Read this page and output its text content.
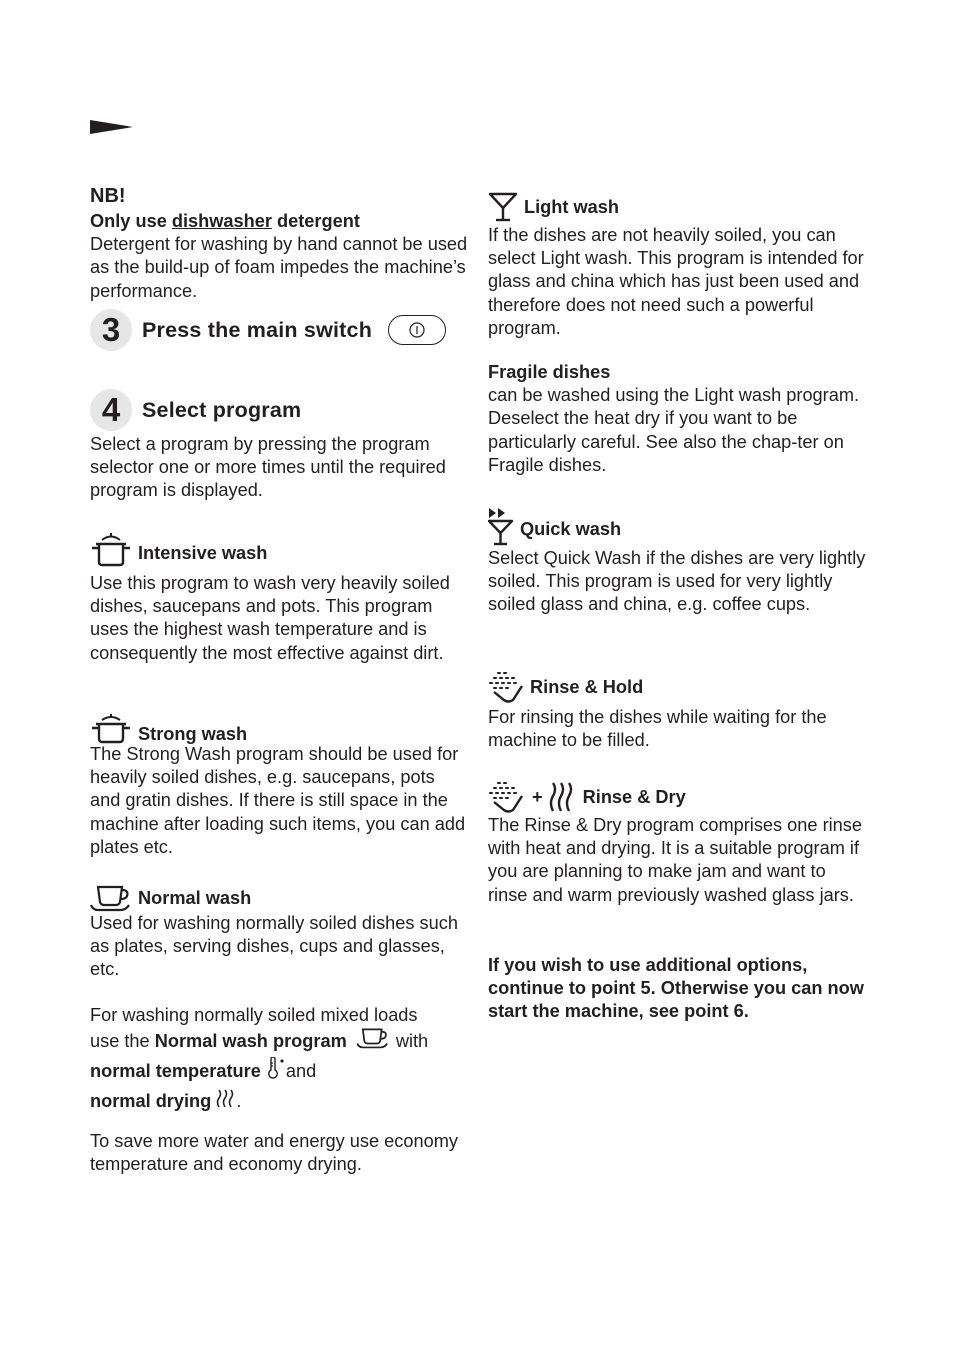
NB!

Only use dishwasher detergent

Detergent for washing by hand cannot be used as the build-up of foam impedes the machine’s performance.

3	Press the main switch
4	Select program

Select a program by pressing the program selector one or more times until the required program is displayed.

Intensive wash

Use this program to wash very heavily soiled dishes, saucepans and pots. This program uses the highest wash temperature and is consequently the most effective against dirt.

Strong wash

The Strong Wash program should be used for heavily soiled dishes, e.g. saucepans, pots and gratin dishes. If there is still space in the machine after loading such items, you can add plates etc.

Normal wash

Used for washing normally soiled dishes such as plates, serving dishes, cups and glasses, etc.

For washing normally soiled mixed loads

use the Normal wash program	with

normal temperature and

normal drying .

To save more water and energy use economy temperature and economy drying.

Light wash

If the dishes are not heavily soiled, you can select Light wash. This program is intended for glass and china which has just been used and therefore does not need such a powerful program.

Fragile dishes

can be washed using the Light wash program. Deselect the heat dry if you want to be particularly careful. See also the chap-ter on Fragile dishes.

Quick wash

Select Quick Wash if the dishes are very lightly soiled. This program is used for very lightly soiled glass and china, e.g. coffee cups.

Rinse & Hold

For rinsing the dishes while waiting for the machine to be filled.

+ Rinse & Dry

The Rinse & Dry program comprises one rinse with heat and drying. It is a suitable program if you are planning to make jam and want to rinse and warm previously washed glass jars.

If you wish to use additional options, continue to point 5. Otherwise you can now start the machine, see point 6.
